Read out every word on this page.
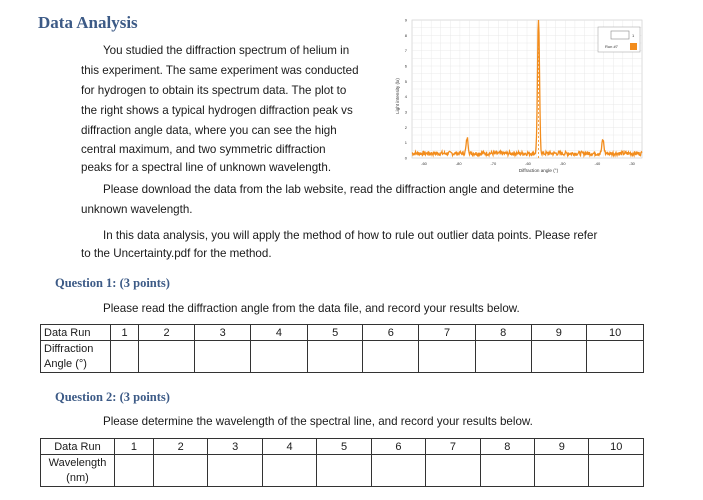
Data Analysis

You studied the diffraction spectrum of helium in

this experiment. The same experiment was conducted

for hydrogen to obtain its spectrum data. The plot to

the right shows a typical hydrogen diffraction peak vs

diffraction angle data, where you can see the high

central maximum, and two symmetric diffraction

peaks for a spectral line of unknown wavelength.

Light intensity (lx)
0
1
2
3
4
5
6
7
8
9
-60	-80	-70	-60	-50	-40	-30
Diffraction angle (°)
1
Run #7

Please download the data from the lab website, read the diffraction angle and determine the

unknown wavelength.

In this data analysis, you will apply the method of how to rule out outlier data points. Please refer

to the Uncertainty.pdf for the method.

Question 1: (3 points)

Please read the diffraction angle from the data file, and record your results below.

Data Run	1	2	3	4	5	6	7	8	9	10
Diffraction
Angle (°)										

Question 2: (3 points)

Please determine the wavelength of the spectral line, and record your results below.

Data Run	1	2	3	4	5	6	7	8	9	10
Wavelength
(nm)										
